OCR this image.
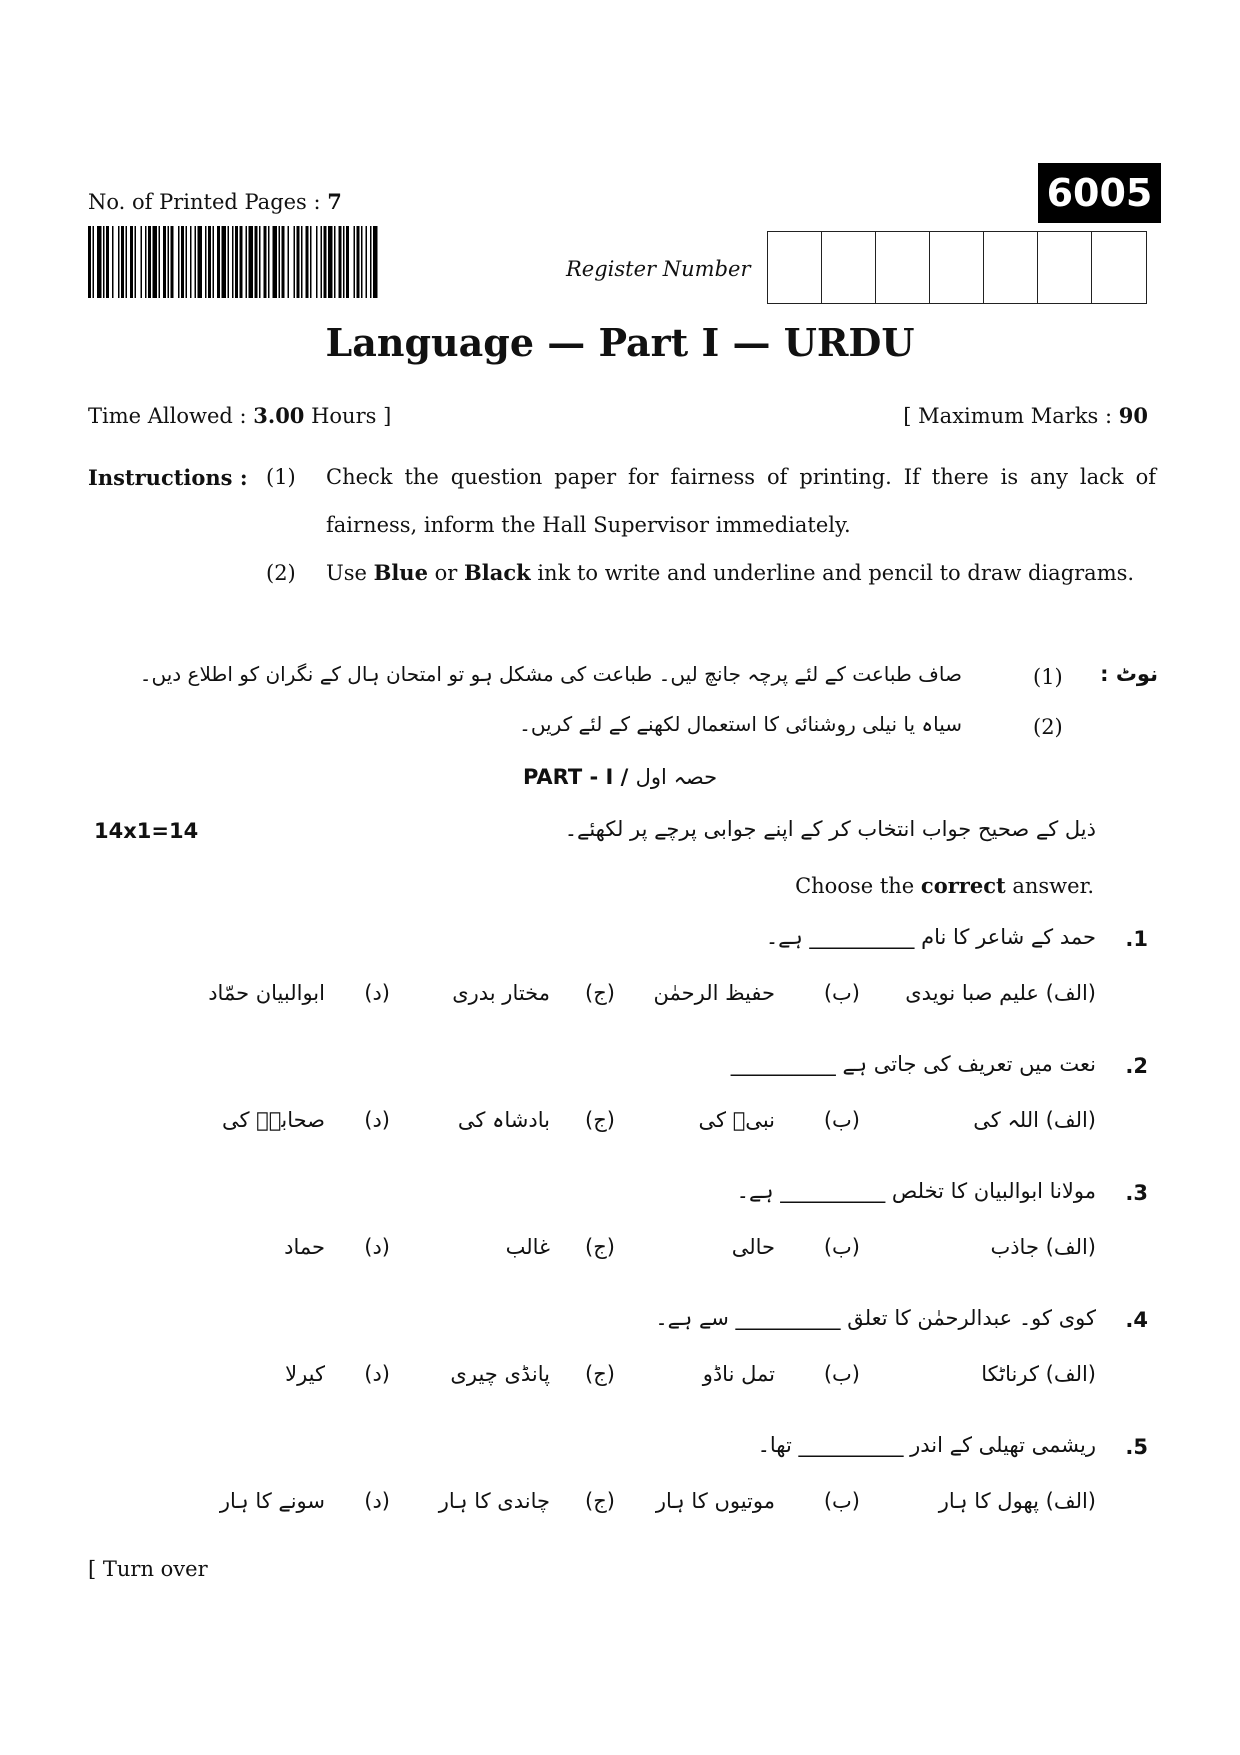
No. of Printed Pages : 7	6005
Register Number
Language — Part I — URDU
Time Allowed : 3.00 Hours ]	[ Maximum Marks : 90
Instructions : (1) Check the question paper for fairness of printing. If there is any lack of fairness, inform the Hall Supervisor immediately.
(2) Use Blue or Black ink to write and underline and pencil to draw diagrams.
نوٹ :
(1)
صاف طباعت کے لئے پرچہ جانچ لیں۔ طباعت کی مشکل ہو تو امتحان ہال کے نگران کو اطلاع دیں۔
(2)
سیاہ یا نیلی روشنائی کا استعمال لکھنے کے لئے کریں۔
PART - I / حصہ اول
14x1=14	ذیل کے صحیح جواب انتخاب کر کے اپنے جوابی پرچے پر لکھئے۔
Choose the correct answer.
.1
حمد کے شاعر کا نام __________ ہے۔
(الف) علیم صبا نویدی
(ب)
حفیظ الرحمٰن
(ج)
مختار بدری
(د)
ابوالبیان حمّاد
.2
نعت میں تعریف کی جاتی ہے __________
(الف) اللہ کی
(ب)
نبیؐ کی
(ج)
بادشاہ کی
(د)
صحابہؓ کی
.3
مولانا ابوالبیان کا تخلص __________ ہے۔
(الف) جاذب
(ب)
حالی
(ج)
غالب
(د)
حماد
.4
کوی کو۔ عبدالرحمٰن کا تعلق __________ سے ہے۔
(الف) کرناٹکا
(ب)
تمل ناڈو
(ج)
پانڈی چیری
(د)
کیرلا
.5
ریشمی تھیلی کے اندر __________ تھا۔
(الف) پھول کا ہار
(ب)
موتیوں کا ہار
(ج)
چاندی کا ہار
(د)
سونے کا ہار
[ Turn over
